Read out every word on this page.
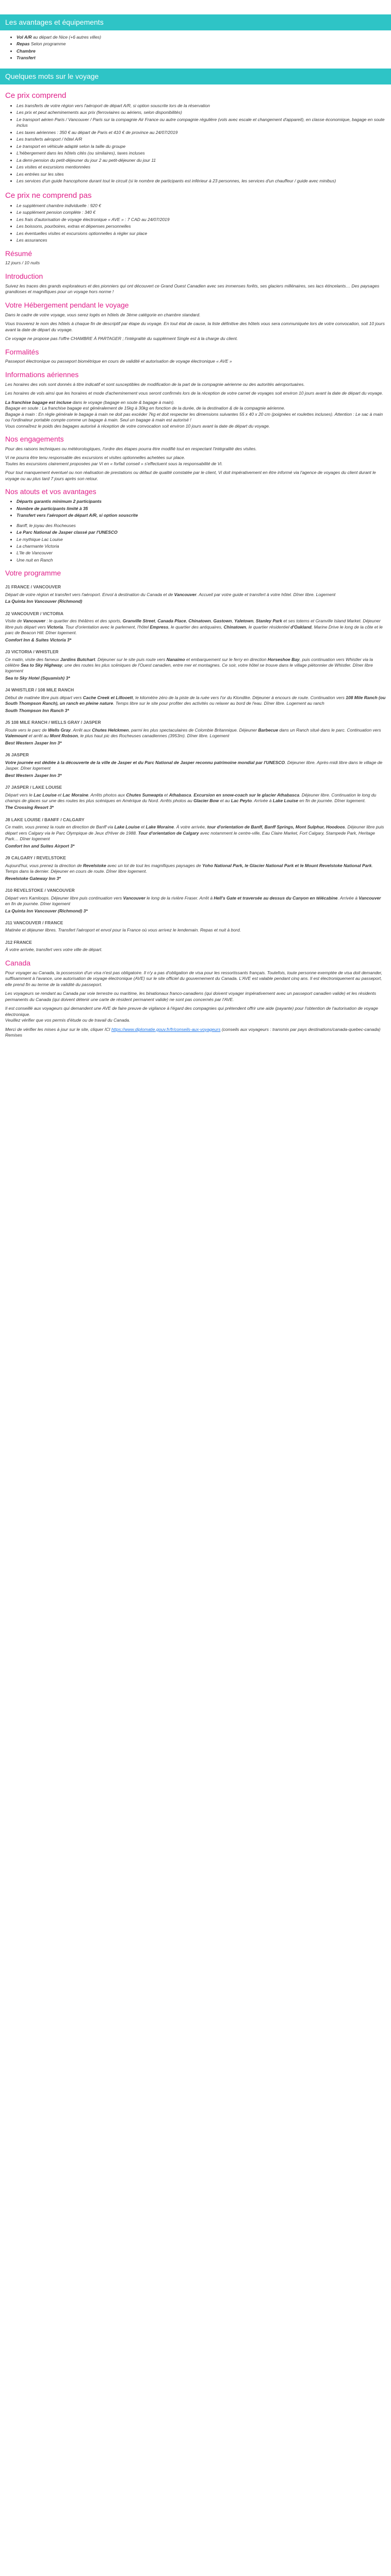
Les avantages et équipements
• Vol A/R au départ de Nice (+6 autres villes)
• Repas Selon programme
• Chambre
• Transfert
Quelques mots sur le voyage
Ce prix comprend
• Les transferts de votre région vers l'aéroport de départ A/R, si option souscrite lors de la réservation
• Les prix et peut acheminements aux prix (ferroviaires ou aériens, selon disponibilités)
• Le transport aérien Paris / Vancouver / Paris sur la compagnie Air France ou autre compagnie régulière (vols avec escale et changement d'appareil), en classe économique, bagage en soute inclus
• Les taxes aériennes : 350 € au départ de Paris et 410 € de province au 24/07/2019
• Les transferts aéroport / hôtel A/R
• Le transport en véhicule adapté selon la taille du groupe
• L'hébergement dans les hôtels cités (ou similaires), taxes incluses
• La demi-pension du petit-déjeuner du jour 2 au petit-déjeuner du jour 11
• Les visites et excursions mentionnées
• Les entrées sur les sites
• Les services d'un guide francophone durant tout le circuit (si le nombre de participants est inférieur à 23 personnes, les services d'un chauffeur / guide avec minibus)
Ce prix ne comprend pas
• Le supplément chambre individuelle : 920 €
• Le supplément pension complète : 340 €
• Les frais d'autorisation de voyage électronique « AVE » : 7 CAD au 24/07/2019
• Les boissons, pourboires, extras et dépenses personnelles
• Les éventuelles visites et excursions optionnelles à régler sur place
• Les assurances
Résumé

12 jours / 10 nuits

Introduction

Suivez les traces des grands explorateurs et des pionniers qui ont découvert ce Grand Ouest Canadien avec ses immenses forêts, ses glaciers millénaires, ses lacs étincelants… Des paysages grandioses et magnifiques pour un voyage hors norme !

Votre Hébergement pendant le voyage

Dans le cadre de votre voyage, vous serez logés en hôtels de 3ème catégorie en chambre standard.

Vous trouverez le nom des hôtels à chaque fin de descriptif par étape du voyage. En tout état de cause, la liste définitive des hôtels vous sera communiquée lors de votre convocation, soit 10 jours avant la date de départ du voyage.

Ce voyage ne propose pas l'offre CHAMBRE À PARTAGER ; l'intégralité du supplément Single est à la charge du client.

Formalités

Passeport électronique ou passeport biométrique en cours de validité et autorisation de voyage électronique « AVE »

Informations aériennes

Les horaires des vols sont donnés à titre indicatif et sont susceptibles de modification de la part de la compagnie aérienne ou des autorités aéroportuaires.

Les horaires de vols ainsi que les horaires et mode d'acheminement vous seront confirmés lors de la réception de votre carnet de voyages soit environ 10 jours avant la date de départ du voyage.

La franchise bagage est incluse dans le voyage (bagage en soute & bagage à main).

Bagage en soute : La franchise bagage est généralement de 15kg à 30kg en fonction de la durée, de la destination & de la compagnie aérienne.

Bagage à main : En règle générale le bagage à main ne doit pas excéder 7kg et doit respecter les dimensions suivantes 55 x 40 x 20 cm (poignées et roulettes incluses). Attention : Le sac à main ou l'ordinateur portable compte comme un bagage à main. Seul un bagage à main est autorisé !

Vous connaîtrez le poids des bagages autorisé à réception de votre convocation soit environ 10 jours avant la date de départ du voyage.

Nos engagements

Pour des raisons techniques ou météorologiques, l'ordre des étapes pourra être modifié tout en respectant l'intégralité des visites.

Vi ne pourra être tenu responsable des excursions et visites optionnelles achetées sur place.

Toutes les excursions clairement proposées par Vi en « forfait conseil » s'effectuent sous la responsabilité de Vi.

Pour tout manquement éventuel ou non réalisation de prestations ou défaut de qualité constatée par le client, Vi doit impérativement en être informé via l'agence de voyages du client durant le voyage ou au plus tard 7 jours après son retour.

Nos atouts et vos avantages
• Départs garantis minimum 2 participants
• Nombre de participants limité à 35
• Transfert vers l'aéroport de départ A/R, si option souscrite
• Banff, le joyau des Rocheuses
• Le Parc National de Jasper classé par l'UNESCO
• Le mythique Lac Louise
• La charmante Victoria
• L'île de Vancouver
• Une nuit en Ranch
Votre programme
J1 FRANCE / VANCOUVER

Départ de votre région et transfert vers l'aéroport. Envol à destination du Canada et de Vancouver. Accueil par votre guide et transfert à votre hôtel. Dîner libre. Logement

La Quinta Inn Vancouver (Richmond)
J2 VANCOUVER / VICTORIA

Visite de Vancouver : le quartier des théâtres et des sports, Granville Street, Canada Place, Chinatown, Gastown, Yaletown, Stanley Park et ses totems et Granville Island Market. Déjeuner libre puis départ vers Victoria. Tour d'orientation avec le parlement, l'hôtel Empress, le quartier des antiquaires, Chinatown, le quartier résidentiel d'Oakland, Marine Drive le long de la côte et le parc de Beacon Hill. Dîner logement.

Comfort Inn & Suites Victoria 3*
J3 VICTORIA / WHISTLER

Ce matin, visite des fameux Jardins Butchart. Déjeuner sur le site puis route vers Nanaimo et embarquement sur le ferry en direction Horseshoe Bay, puis continuation vers Whistler via la célèbre Sea to Sky Highway, une des routes les plus scéniques de l'Ouest canadien, entre mer et montagnes. Ce soir, votre hôtel se trouve dans le village piétonnier de Whistler. Dîner libre logement

Sea to Sky Hotel (Squamish) 3*
J4 WHISTLER / 108 MILE RANCH

Début de matinée libre puis départ vers Cache Creek et Lillooett, le kilomètre zéro de la piste de la ruée vers l'or du Klondike. Déjeuner à encours de route. Continuation vers 108 Mile Ranch (ou South Thompson Ranch), un ranch en pleine nature. Temps libre sur le site pour profiter des activités ou relaxer au bord de l'eau. Dîner libre. Logement au ranch

South Thompson Inn Ranch 3*
J5 108 MILE RANCH / WELLS GRAY / JASPER

Route vers le parc de Wells Gray. Arrêt aux Chutes Helckmen, parmi les plus spectaculaires de Colombie Britannique. Déjeuner Barbecue dans un Ranch situé dans le parc. Continuation vers Valemount et arrêt au Mont Robson, le plus haut pic des Rocheuses canadiennes (3953m). Dîner libre. Logement

Best Western Jasper Inn 3*
J6 JASPER

Votre journée est dédiée à la découverte de la ville de Jasper et du Parc National de Jasper reconnu patrimoine mondial par l'UNESCO. Déjeuner libre. Après-midi libre dans le village de Jasper. Dîner logement

Best Western Jasper Inn 3*
J7 JASPER / LAKE LOUISE

Départ vers le Lac Louise et Lac Moraine. Arrêts photos aux Chutes Sunwapta et Athabasca. Excursion en snow-coach sur le glacier Athabasca. Déjeuner libre. Continuation le long du champs de glaces sur une des routes les plus scéniques en Amérique du Nord. Arrêts photos au Glacier Bow et au Lac Peyto. Arrivée à Lake Louise en fin de journée. Dîner logement.

The Crossing Resort 3*
J8 LAKE LOUISE / BANFF / CALGARY

Ce matin, vous prenez la route en direction de Banff via Lake Louise et Lake Moraine. À votre arrivée, tour d'orientation de Banff, Banff Springs, Mont Sulphur, Hoodoos. Déjeuner libre puis départ vers Calgary via le Parc Olympique de Jeux d'Hiver de 1988. Tour d'orientation de Calgary avec notamment le centre-ville, Eau Claire Market, Fort Calgary, Stampede Park, Heritage Park… Dîner logement

Comfort Inn and Suites Airport 3*
J9 CALGARY / REVELSTOKE

Aujourd'hui, vous prenez la direction de Revelstoke avec un lot de tout les magnifiques paysages de Yoho National Park, le Glacier National Park et le Mount Revelstoke National Park. Temps dans la dernier. Déjeuner en cours de route. Dîner libre logement.

Revelstoke Gateway Inn 3*
J10 REVELSTOKE / VANCOUVER

Départ vers Kamloops. Déjeuner libre puis continuation vers Vancouver le long de la rivière Fraser. Arrêt à Hell's Gate et traversée au dessus du Canyon en télécabine. Arrivée à Vancouver en fin de journée. Dîner logement

La Quinta Inn Vancouver (Richmond) 3*
J11 VANCOUVER / FRANCE

Matinée et déjeuner libres. Transfert l'aéroport et envol pour la France où vous arrivez le lendemain. Repas et nuit à bord.

J12 FRANCE

À votre arrivée, transfert vers votre ville de départ.

Canada

Pour voyager au Canada, la possession d'un visa n'est pas obligatoire. Il n'y a pas d'obligation de visa pour les ressortissants français. Toutefois, toute personne exemptée de visa doit demander, suffisamment à l'avance, une autorisation de voyage électronique (AVE) sur le site officiel du gouvernement du Canada. L'AVE est valable pendant cinq ans. Il est électroniquement au passeport, elle prend fin au terme de la validité du passeport.

Les voyageurs se rendant au Canada par voie terrestre ou maritime, les binationaux franco-canadiens (qui doivent voyager impérativement avec un passeport canadien valide) et les résidents permanents du Canada (qui doivent détenir une carte de résident permanent valide) ne sont pas concernés par l'AVE.

Il est conseillé aux voyageurs qui demandent une AVE de faire preuve de vigilance à l'égard des compagnies qui prétendent offrir une aide (payante) pour l'obtention de l'autorisation de voyage électronique.

Veuillez vérifier que vos permis d'étude ou de travail du Canada.

Merci de vérifier les mises à jour sur le site, cliquer ICI https://www.diplomatie.gouv.fr/fr/conseils-aux-voyageurs (conseils aux voyageurs : transmis par pays destinations/canada-quebec-canada) Remises
